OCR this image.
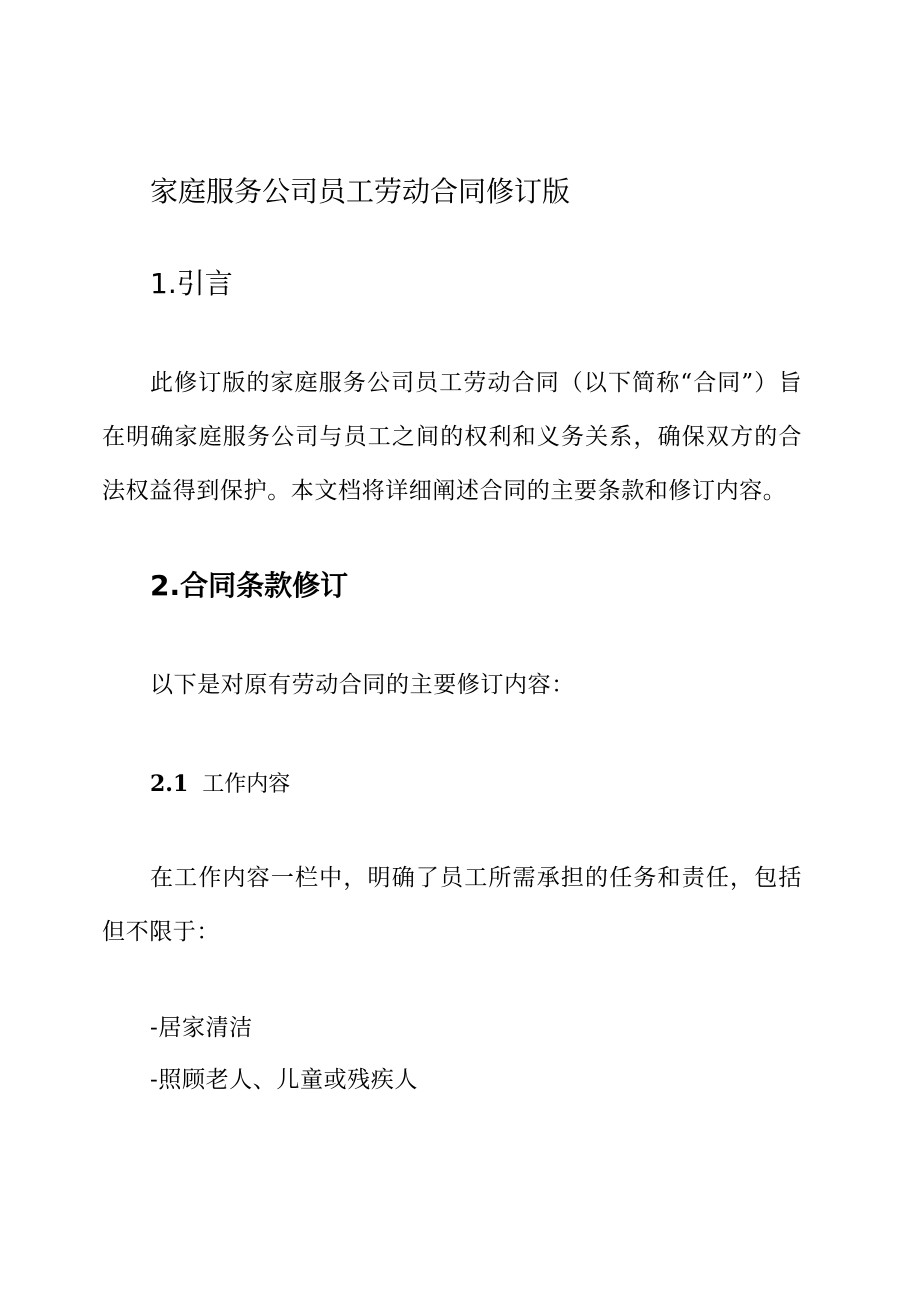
家庭服务公司员工劳动合同修订版
1.引言
此修订版的家庭服务公司员工劳动合同（以下简称“合同”）旨在明确家庭服务公司与员工之间的权利和义务关系，确保双方的合法权益得到保护。本文档将详细阐述合同的主要条款和修订内容。
2.合同条款修订
以下是对原有劳动合同的主要修订内容：
2.1 工作内容
在工作内容一栏中，明确了员工所需承担的任务和责任，包括但不限于：
-居家清洁
-照顾老人、儿童或残疾人
